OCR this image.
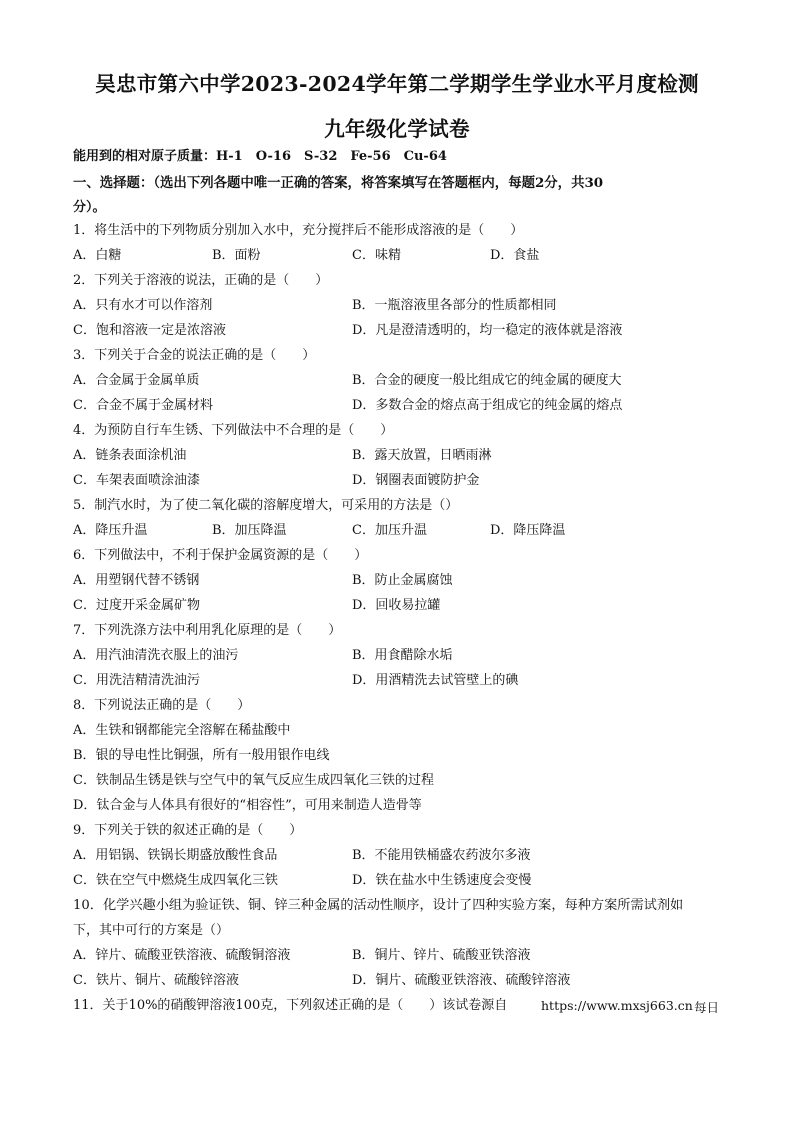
吴忠市第六中学2023-2024学年第二学期学生学业水平月度检测
九年级化学试卷
能用到的相对原子质量：H-1　O-16　S-32　Fe-56　Cu-64
一、选择题：（选出下列各题中唯一正确的答案，将答案填写在答题框内，每题2分，共30
分）。
1．将生活中的下列物质分别加入水中，充分搅拌后不能形成溶液的是（　　）
A．白糖	B．面粉	C．味精	D．食盐
2．下列关于溶液的说法，正确的是（　　）
A．只有水才可以作溶剂	B．一瓶溶液里各部分的性质都相同
C．饱和溶液一定是浓溶液	D．凡是澄清透明的，均一稳定的液体就是溶液
3．下列关于合金的说法正确的是（　　）
A．合金属于金属单质	B．合金的硬度一般比组成它的纯金属的硬度大
C．合金不属于金属材料	D．多数合金的熔点高于组成它的纯金属的熔点
4．为预防自行车生锈、下列做法中不合理的是（　　）
A．链条表面涂机油	B．露天放置，日晒雨淋
C．车架表面喷涂油漆	D．钢圈表面镀防护金
5．制汽水时，为了使二氧化碳的溶解度增大，可采用的方法是（）
A．降压升温	B．加压降温	C．加压升温	D．降压降温
6．下列做法中，不利于保护金属资源的是（　　）
A．用塑钢代替不锈钢	B．防止金属腐蚀
C．过度开采金属矿物	D．回收易拉罐
7．下列洗涤方法中利用乳化原理的是（　　）
A．用汽油清洗衣服上的油污	B．用食醋除水垢
C．用洗洁精清洗油污	D．用酒精洗去试管壁上的碘
8．下列说法正确的是（　　）
A．生铁和钢都能完全溶解在稀盐酸中
B．银的导电性比铜强，所有一般用银作电线
C．铁制品生锈是铁与空气中的氧气反应生成四氧化三铁的过程
D．钛合金与人体具有很好的“相容性”，可用来制造人造骨等
9．下列关于铁的叙述正确的是（　　）
A．用铝锅、铁锅长期盛放酸性食品	B．不能用铁桶盛农药波尔多液
C．铁在空气中燃烧生成四氧化三铁	D．铁在盐水中生锈速度会变慢
10．化学兴趣小组为验证铁、铜、锌三种金属的活动性顺序，设计了四种实验方案，每种方案所需试剂如
下，其中可行的方案是（）
A．锌片、硫酸亚铁溶液、硫酸铜溶液	B．铜片、锌片、硫酸亚铁溶液
C．铁片、铜片、硫酸锌溶液	D．铜片、硫酸亚铁溶液、硫酸锌溶液
11．关于10%的硝酸钾溶液100克，下列叙述正确的是（　　）该试卷源自	https://www.mxsj663.cn 每日
